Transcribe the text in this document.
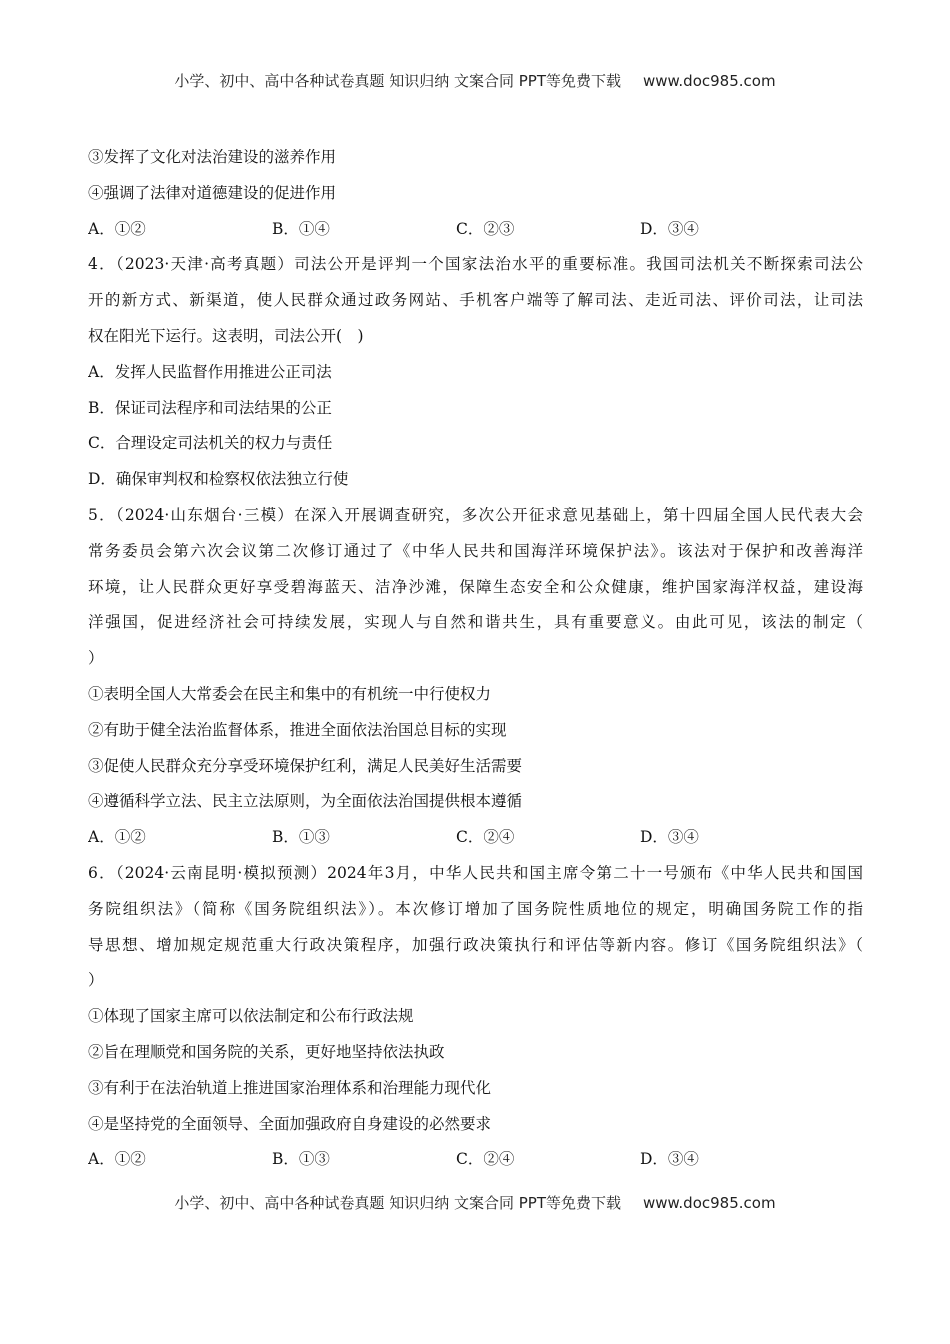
小学、初中、高中各种试卷真题 知识归纳 文案合同 PPT等免费下载 www.doc985.com
③发挥了文化对法治建设的滋养作用
④强调了法律对道德建设的促进作用
A．①②	B．①④	C．②③	D．③④
4．（2023·天津·高考真题）司法公开是评判一个国家法治水平的重要标准。我国司法机关不断探索司法公
开的新方式、新渠道，使人民群众通过政务网站、手机客户端等了解司法、走近司法、评价司法，让司法
权在阳光下运行。这表明，司法公开(　)
A．发挥人民监督作用推进公正司法
B．保证司法程序和司法结果的公正
C．合理设定司法机关的权力与责任
D．确保审判权和检察权依法独立行使
5．（2024·山东烟台·三模）在深入开展调查研究，多次公开征求意见基础上，第十四届全国人民代表大会
常务委员会第六次会议第二次修订通过了《中华人民共和国海洋环境保护法》。该法对于保护和改善海洋
环境，让人民群众更好享受碧海蓝天、洁净沙滩，保障生态安全和公众健康，维护国家海洋权益，建设海
洋强国，促进经济社会可持续发展，实现人与自然和谐共生，具有重要意义。由此可见，该法的制定（
）
①表明全国人大常委会在民主和集中的有机统一中行使权力
②有助于健全法治监督体系，推进全面依法治国总目标的实现
③促使人民群众充分享受环境保护红利，满足人民美好生活需要
④遵循科学立法、民主立法原则，为全面依法治国提供根本遵循
A．①②	B．①③	C．②④	D．③④
6．（2024·云南昆明·模拟预测）2024年3月，中华人民共和国主席令第二十一号颁布《中华人民共和国国
务院组织法》（简称《国务院组织法》）。本次修订增加了国务院性质地位的规定，明确国务院工作的指
导思想、增加规定规范重大行政决策程序，加强行政决策执行和评估等新内容。修订《国务院组织法》（
）
①体现了国家主席可以依法制定和公布行政法规
②旨在理顺党和国务院的关系，更好地坚持依法执政
③有利于在法治轨道上推进国家治理体系和治理能力现代化
④是坚持党的全面领导、全面加强政府自身建设的必然要求
A．①②	B．①③	C．②④	D．③④
小学、初中、高中各种试卷真题 知识归纳 文案合同 PPT等免费下载 www.doc985.com
